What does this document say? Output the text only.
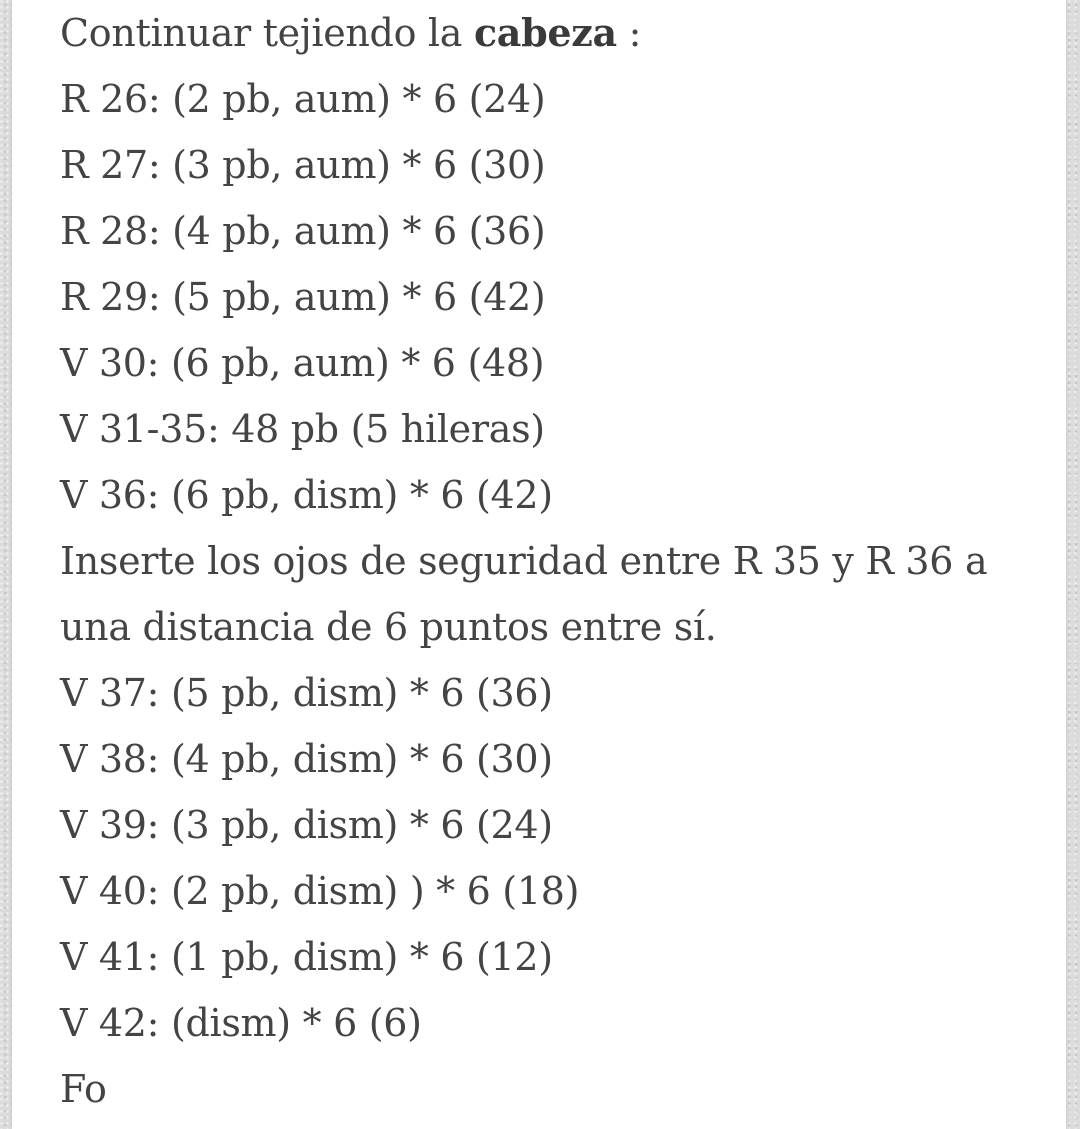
Continuar tejiendo la cabeza :
R 26: (2 pb, aum) * 6 (24)
R 27: (3 pb, aum) * 6 (30)
R 28: (4 pb, aum) * 6 (36)
R 29: (5 pb, aum) * 6 (42)
V 30: (6 pb, aum) * 6 (48)
V 31-35: 48 pb (5 hileras)
V 36: (6 pb, dism) * 6 (42)
Inserte los ojos de seguridad entre R 35 y R 36 a
una distancia de 6 puntos entre sí.
V 37: (5 pb, dism) * 6 (36)
V 38: (4 pb, dism) * 6 (30)
V 39: (3 pb, dism) * 6 (24)
V 40: (2 pb, dism) ) * 6 (18)
V 41: (1 pb, dism) * 6 (12)
V 42: (dism) * 6 (6)
Fo
